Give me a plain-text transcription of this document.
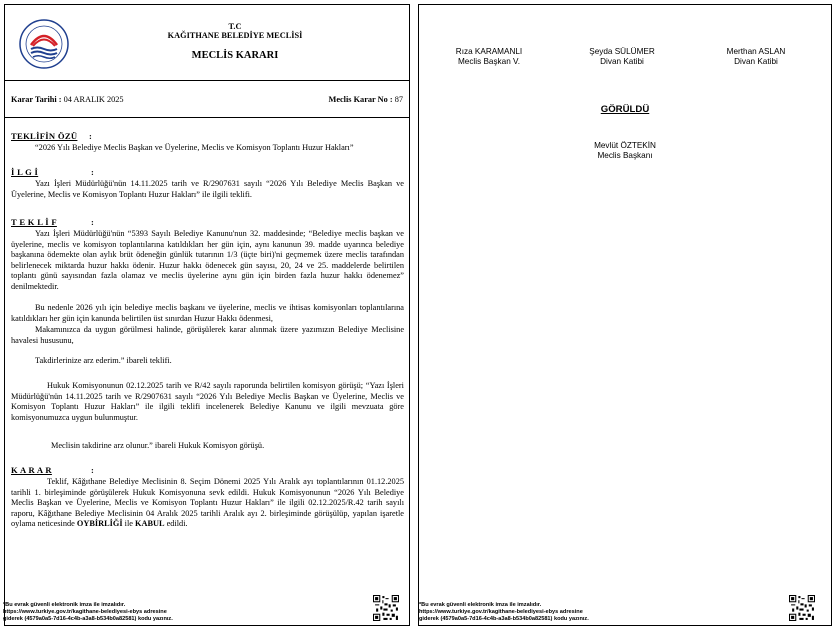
T.C
KAĞITHANE BELEDİYE MECLİSİ
MECLİS KARARI
Karar Tarihi : 04 ARALIK 2025	Meclis Karar No : 87
TEKLİFİN ÖZÜ :
“2026 Yılı Belediye Meclis Başkan ve Üyelerine, Meclis ve Komisyon Toplantı Huzur Hakları”
İ L G İ	:
Yazı İşleri Müdürlüğü'nün 14.11.2025 tarih ve R/2907631 sayılı “2026 Yılı Belediye Meclis Başkan ve Üyelerine, Meclis ve Komisyon Toplantı Huzur Hakları” ile ilgili teklifi.
T E K L İ F	:
Yazı İşleri Müdürlüğü'nün “5393 Sayılı Belediye Kanunu'nun 32. maddesinde; “Belediye meclis başkan ve üyelerine, meclis ve komisyon toplantılarına katıldıkları her gün için, aynı kanunun 39. madde uyarınca belediye başkanına ödemekte olan aylık brüt ödeneğin günlük tutarının 1/3 (üçte biri)'ni geçmemek üzere meclis tarafından belirlenecek miktarda huzur hakkı ödenir. Huzur hakkı ödenecek gün sayısı, 20, 24 ve 25. maddelerde belirtilen toplantı günü sayısından fazla olamaz ve meclis üyelerine aynı gün için birden fazla huzur hakkı ödenemez” denilmektedir.
Bu nedenle 2026 yılı için belediye meclis başkanı ve üyelerine, meclis ve ihtisas komisyonları toplantılarına katıldıkları her gün için kanunda belirtilen üst sınırdan Huzur Hakkı ödenmesi,
Makamınızca da uygun görülmesi halinde, görüşülerek karar alınmak üzere yazımızın Belediye Meclisine havalesi hususunu,
Takdirlerinize arz ederim.” ibareli teklifi.
Hukuk Komisyonunun 02.12.2025 tarih ve R/42 sayılı raporunda belirtilen komisyon görüşü; “Yazı İşleri Müdürlüğü'nün 14.11.2025 tarih ve R/2907631 sayılı “2026 Yılı Belediye Meclis Başkan ve Üyelerine, Meclis ve Komisyon Toplantı Huzur Hakları” ile ilgili teklifi incelenerek Belediye Kanunu ve ilgili mevzuata göre komisyonumuzca uygun bulunmuştur.
Meclisin takdirine arz olunur.” ibareli Hukuk Komisyon görüşü.
K A R A R	:
Teklif, Kâğıthane Belediye Meclisinin 8. Seçim Dönemi 2025 Yılı Aralık ayı toplantılarının 01.12.2025 tarihli 1. birleşiminde görüşülerek Hukuk Komisyonuna sevk edildi. Hukuk Komisyonunun “2026 Yılı Belediye Meclis Başkan ve Üyelerine, Meclis ve Komisyon Toplantı Huzur Hakları” ile ilgili 02.12.2025/R.42 tarih sayılı raporu, Kâğıthane Belediye Meclisinin 04 Aralık 2025 tarihli Aralık ayı 2. birleşiminde görüşülüp, yapılan işaretle oylama neticesinde OYBİRLİĞİ ile KABUL edildi.
*Bu evrak güvenli elektronik imza ile imzalıdır.
https://www.turkiye.gov.tr/kagithane-belediyesi-ebys adresine
giderek (4579a0a5-7d16-4c4b-a3a8-b534b0a82581) kodu yazınız.
Rıza KARAMANLI
Meclis Başkan V.
Şeyda SÜLÜMER
Divan Katibi
Merthan ASLAN
Divan Katibi
GÖRÜLDÜ
Mevlüt ÖZTEKİN
Meclis Başkanı
*Bu evrak güvenli elektronik imza ile imzalıdır.
https://www.turkiye.gov.tr/kagithane-belediyesi-ebys adresine
giderek (4579a0a5-7d16-4c4b-a3a8-b534b0a82581) kodu yazınız.
